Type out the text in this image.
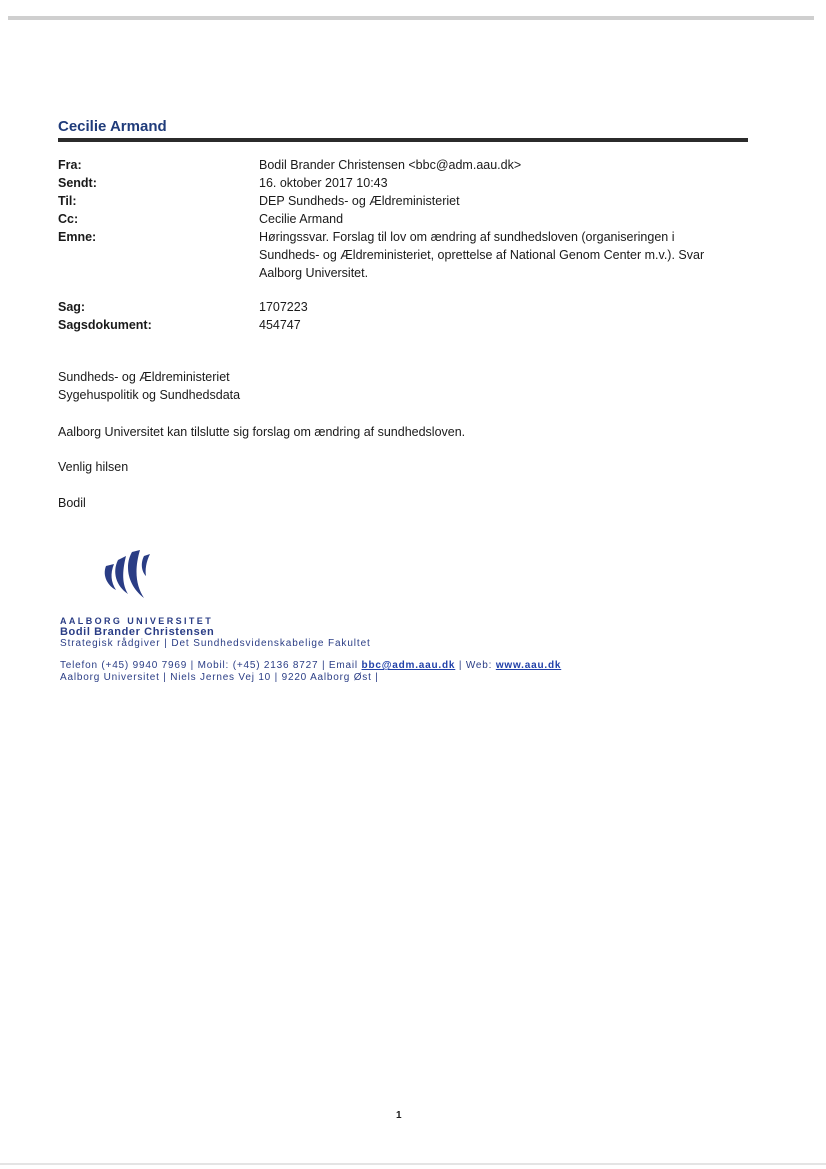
Cecilie Armand
Fra:	Bodil Brander Christensen <bbc@adm.aau.dk>
Sendt:	16. oktober 2017 10:43
Til:	DEP Sundheds- og Ældreministeriet
Cc:	Cecilie Armand
Emne:	Høringssvar. Forslag til lov om ændring af sundhedsloven (organiseringen i
Sundheds- og Ældreministeriet, oprettelse af National Genom Center m.v.). Svar
Aalborg Universitet.
Sag:	1707223
Sagsdokument:	454747
Sundheds- og Ældreministeriet
Sygehuspolitik og Sundhedsdata
Aalborg Universitet kan tilslutte sig forslag om ændring af sundhedsloven.
Venlig hilsen
Bodil
AALBORG UNIVERSITET
Bodil Brander Christensen
Strategisk rådgiver | Det Sundhedsvidenskabelige Fakultet
Telefon (+45) 9940 7969 | Mobil: (+45) 2136 8727 | Email bbc@adm.aau.dk | Web: www.aau.dk
Aalborg Universitet | Niels Jernes Vej 10 | 9220 Aalborg Øst |
1
